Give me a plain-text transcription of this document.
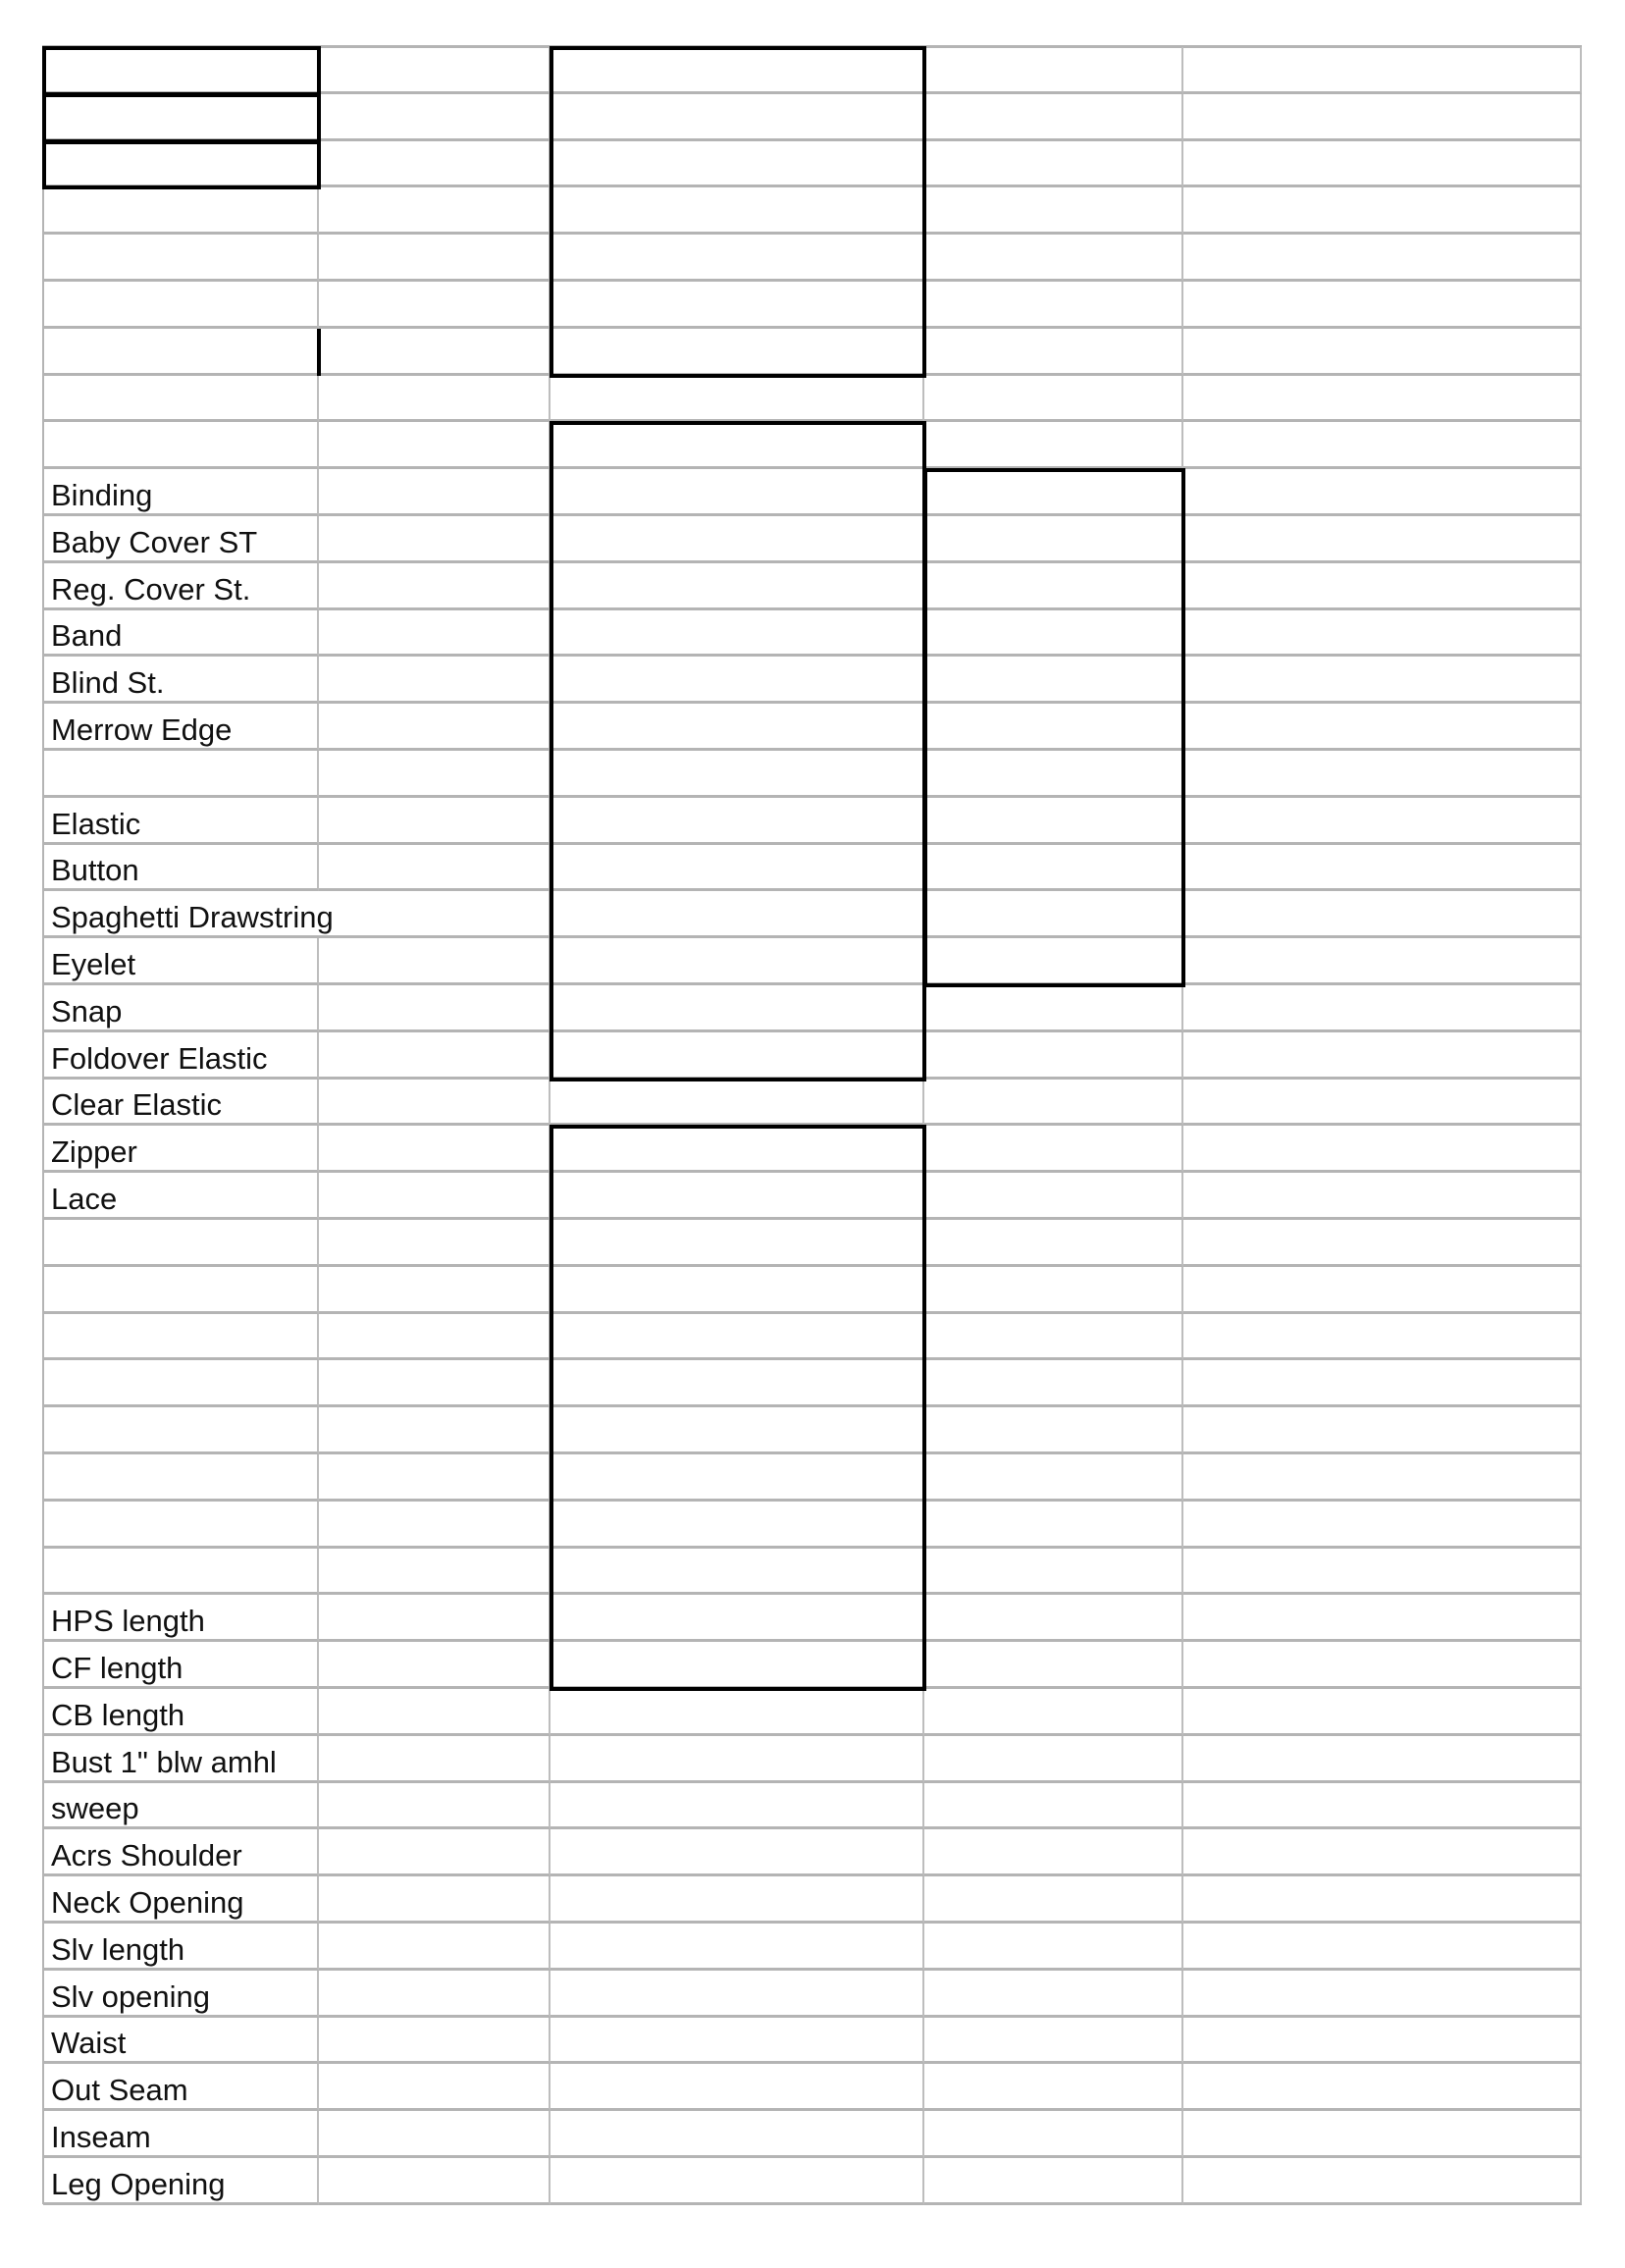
Binding
Baby Cover ST
Reg. Cover St.
Band
Blind St.
Merrow Edge
Elastic
Button
Spaghetti Drawstring
Eyelet
Snap
Foldover Elastic
Clear Elastic
Zipper
Lace
HPS length
CF length
CB length
Bust 1" blw amhl
sweep
Acrs Shoulder
Neck Opening
Slv length
Slv opening
Waist
Out Seam
Inseam
Leg Opening
